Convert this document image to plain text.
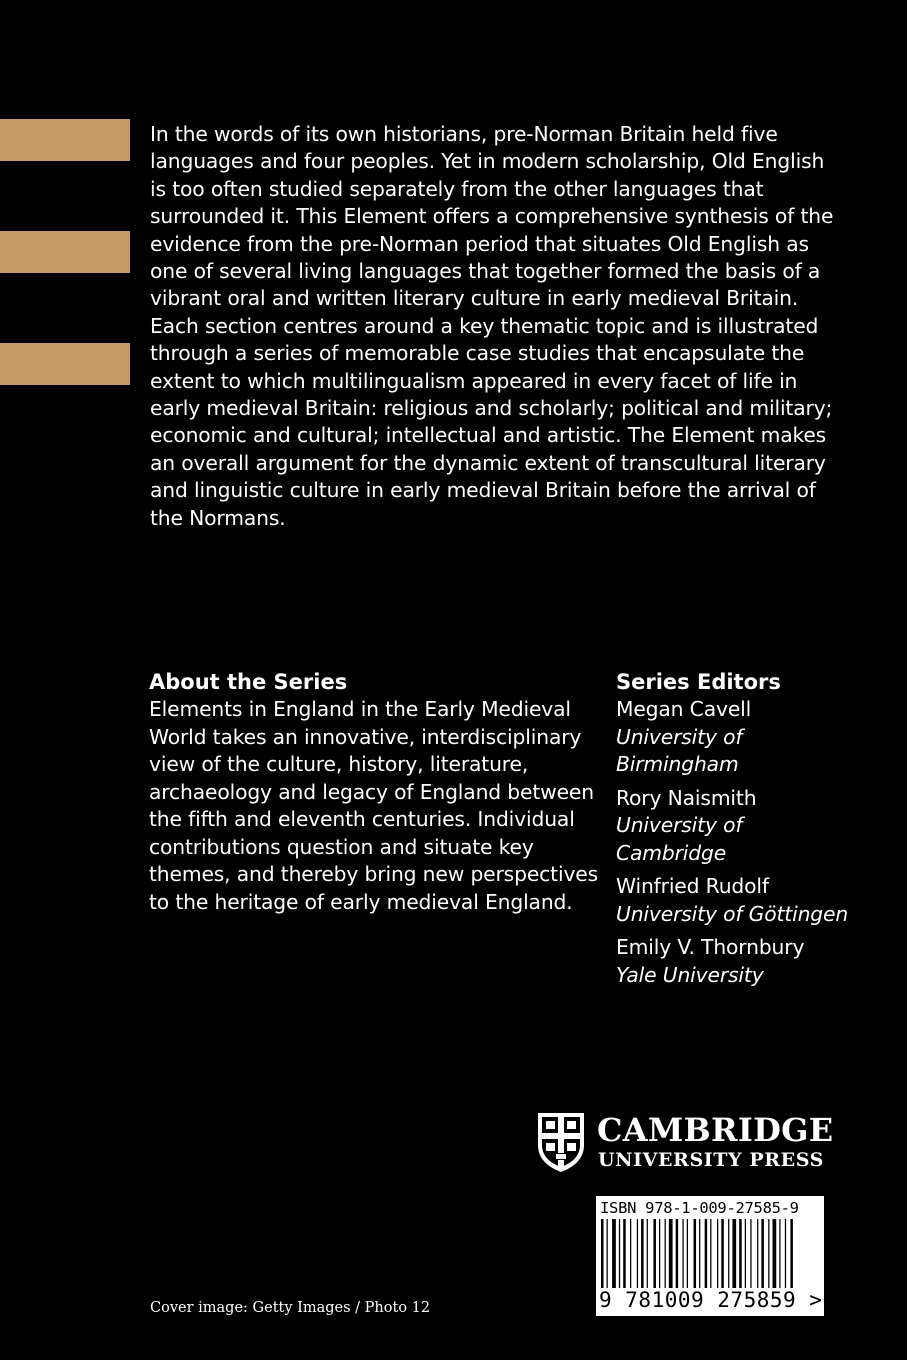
In the words of its own historians, pre-Norman Britain held five languages and four peoples. Yet in modern scholarship, Old English is too often studied separately from the other languages that surrounded it. This Element offers a comprehensive synthesis of the evidence from the pre-Norman period that situates Old English as one of several living languages that together formed the basis of a vibrant oral and written literary culture in early medieval Britain. Each section centres around a key thematic topic and is illustrated through a series of memorable case studies that encapsulate the extent to which multilingualism appeared in every facet of life in early medieval Britain: religious and scholarly; political and military; economic and cultural; intellectual and artistic. The Element makes an overall argument for the dynamic extent of transcultural literary and linguistic culture in early medieval Britain before the arrival of the Normans.

About the Series

Elements in England in the Early Medieval World takes an innovative, interdisciplinary view of the culture, history, literature, archaeology and legacy of England between the fifth and eleventh centuries. Individual contributions question and situate key themes, and thereby bring new perspectives to the heritage of early medieval England.

Series Editors

Megan Cavell
University of Birmingham
Rory Naismith
University of Cambridge
Winfried Rudolf
University of Göttingen
Emily V. Thornbury
Yale University
CAMBRIDGE
UNIVERSITY PRESS
ISBN 978-1-009-27585-9
9 781009 275859 >
Cover image: Getty Images / Photo 12
